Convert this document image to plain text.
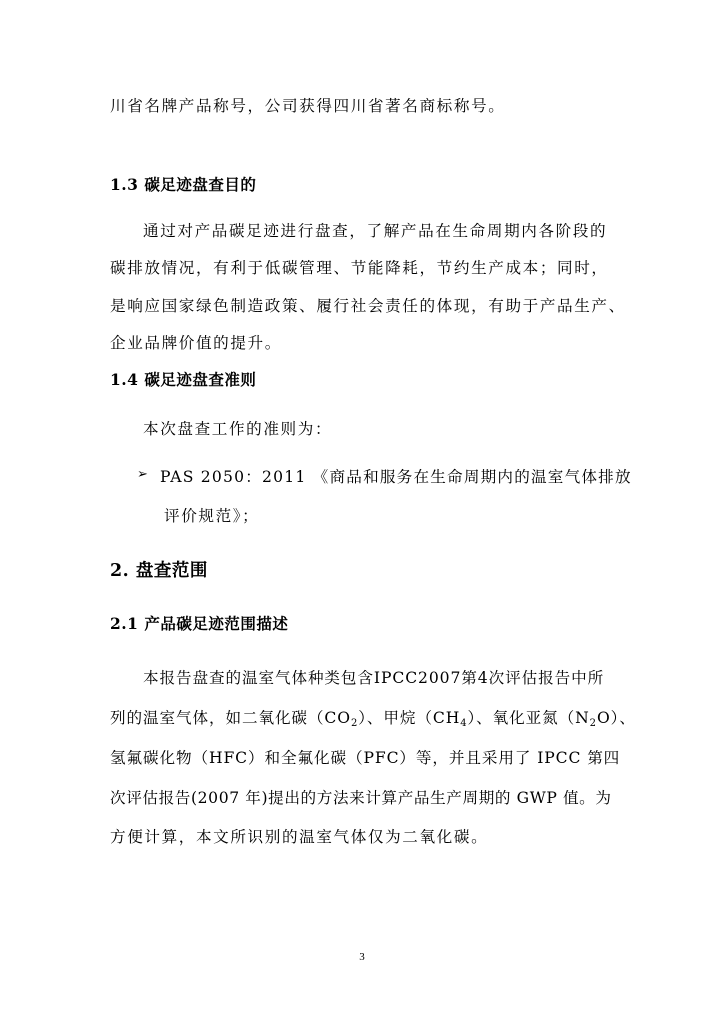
川省名牌产品称号，公司获得四川省著名商标称号。
1.3 碳足迹盘查目的
通过对产品碳足迹进行盘查，了解产品在生命周期内各阶段的
碳排放情况，有利于低碳管理、节能降耗，节约生产成本；同时，
是响应国家绿色制造政策、履行社会责任的体现，有助于产品生产、
企业品牌价值的提升。
1.4 碳足迹盘查准则
本次盘查工作的准则为：
➢ PAS 2050：2011 《商品和服务在生命周期内的温室气体排放
评价规范》；
2. 盘查范围
2.1 产品碳足迹范围描述
本报告盘查的温室气体种类包含IPCC2007第4次评估报告中所
列的温室气体，如二氧化碳$(CO_2)$、甲烷$(CH_4)$、氧化亚氮$(N_2O)$、
氢氟碳化物（HFC）和全氟化碳（PFC）等，并且采用了 IPCC 第四
次评估报告(2007 年)提出的方法来计算产品生产周期的 GWP 值。为
方便计算，本文所识别的温室气体仅为二氧化碳。
3
